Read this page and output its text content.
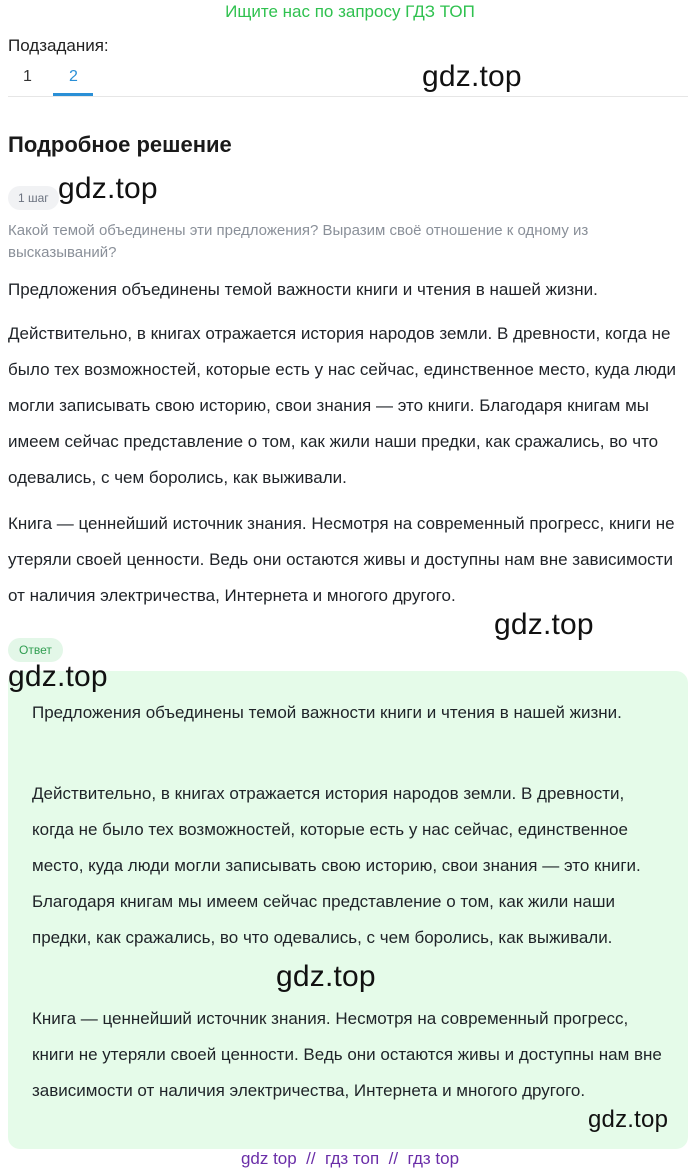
Ищите нас по запросу ГДЗ ТОП
Подзадания:
1 2	gdz.top
Подробное решение
1 шаг gdz.top
Какой темой объединены эти предложения? Выразим своё отношение к одному из высказываний?
Предложения объединены темой важности книги и чтения в нашей жизни.
Действительно, в книгах отражается история народов земли. В древности, когда не было тех возможностей, которые есть у нас сейчас, единственное место, куда люди могли записывать свою историю, свои знания — это книги. Благодаря книгам мы имеем сейчас представление о том, как жили наши предки, как сражались, во что одевались, с чем боролись, как выживали.
Книга — ценнейший источник знания. Несмотря на современный прогресс, книги не утеряли своей ценности. Ведь они остаются живы и доступны нам вне зависимости от наличия электричества, Интернета и многого другого.
gdz.top
Ответ
Предложения объединены темой важности книги и чтения в нашей жизни.
Действительно, в книгах отражается история народов земли. В древности, когда не было тех возможностей, которые есть у нас сейчас, единственное место, куда люди могли записывать свою историю, свои знания — это книги. Благодаря книгам мы имеем сейчас представление о том, как жили наши предки, как сражались, во что одевались, с чем боролись, как выживали.
Книга — ценнейший источник знания. Несмотря на современный прогресс, книги не утеряли своей ценности. Ведь они остаются живы и доступны нам вне зависимости от наличия электричества, Интернета и многого другого.
gdz.top
gdz.top
gdz.top
gdz top  //  гдз топ  //  гдз top
